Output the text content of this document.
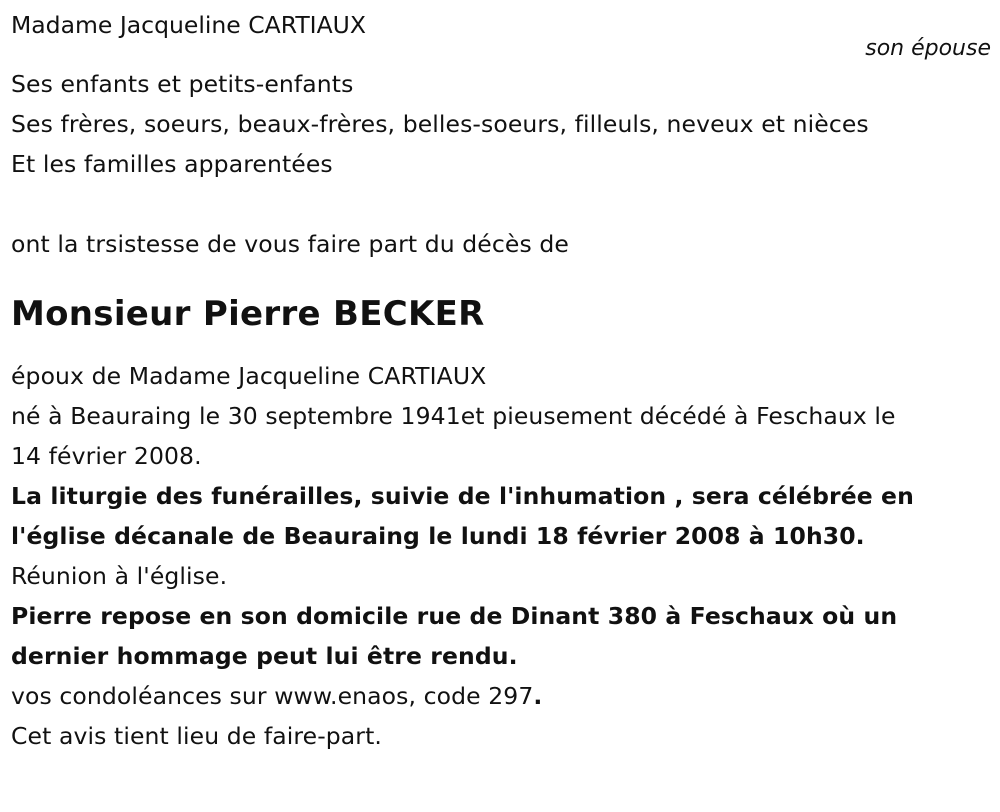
Madame Jacqueline CARTIAUX
son épouse
Ses enfants et petits-enfants
Ses frères, soeurs, beaux-frères, belles-soeurs, filleuls, neveux et nièces
Et les familles apparentées
ont la trsistesse de vous faire part du décès de
Monsieur Pierre BECKER
époux de Madame Jacqueline CARTIAUX
né à Beauraing le 30 septembre 1941et pieusement décédé à Feschaux le
14 février 2008.
La liturgie des funérailles, suivie de l'inhumation , sera célébrée en
l'église décanale de Beauraing le lundi 18 février 2008 à 10h30.
Réunion à l'église.
Pierre repose en son domicile rue de Dinant 380 à Feschaux où un
dernier hommage peut lui être rendu.
vos condoléances sur www.enaos, code 297.
Cet avis tient lieu de faire-part.
